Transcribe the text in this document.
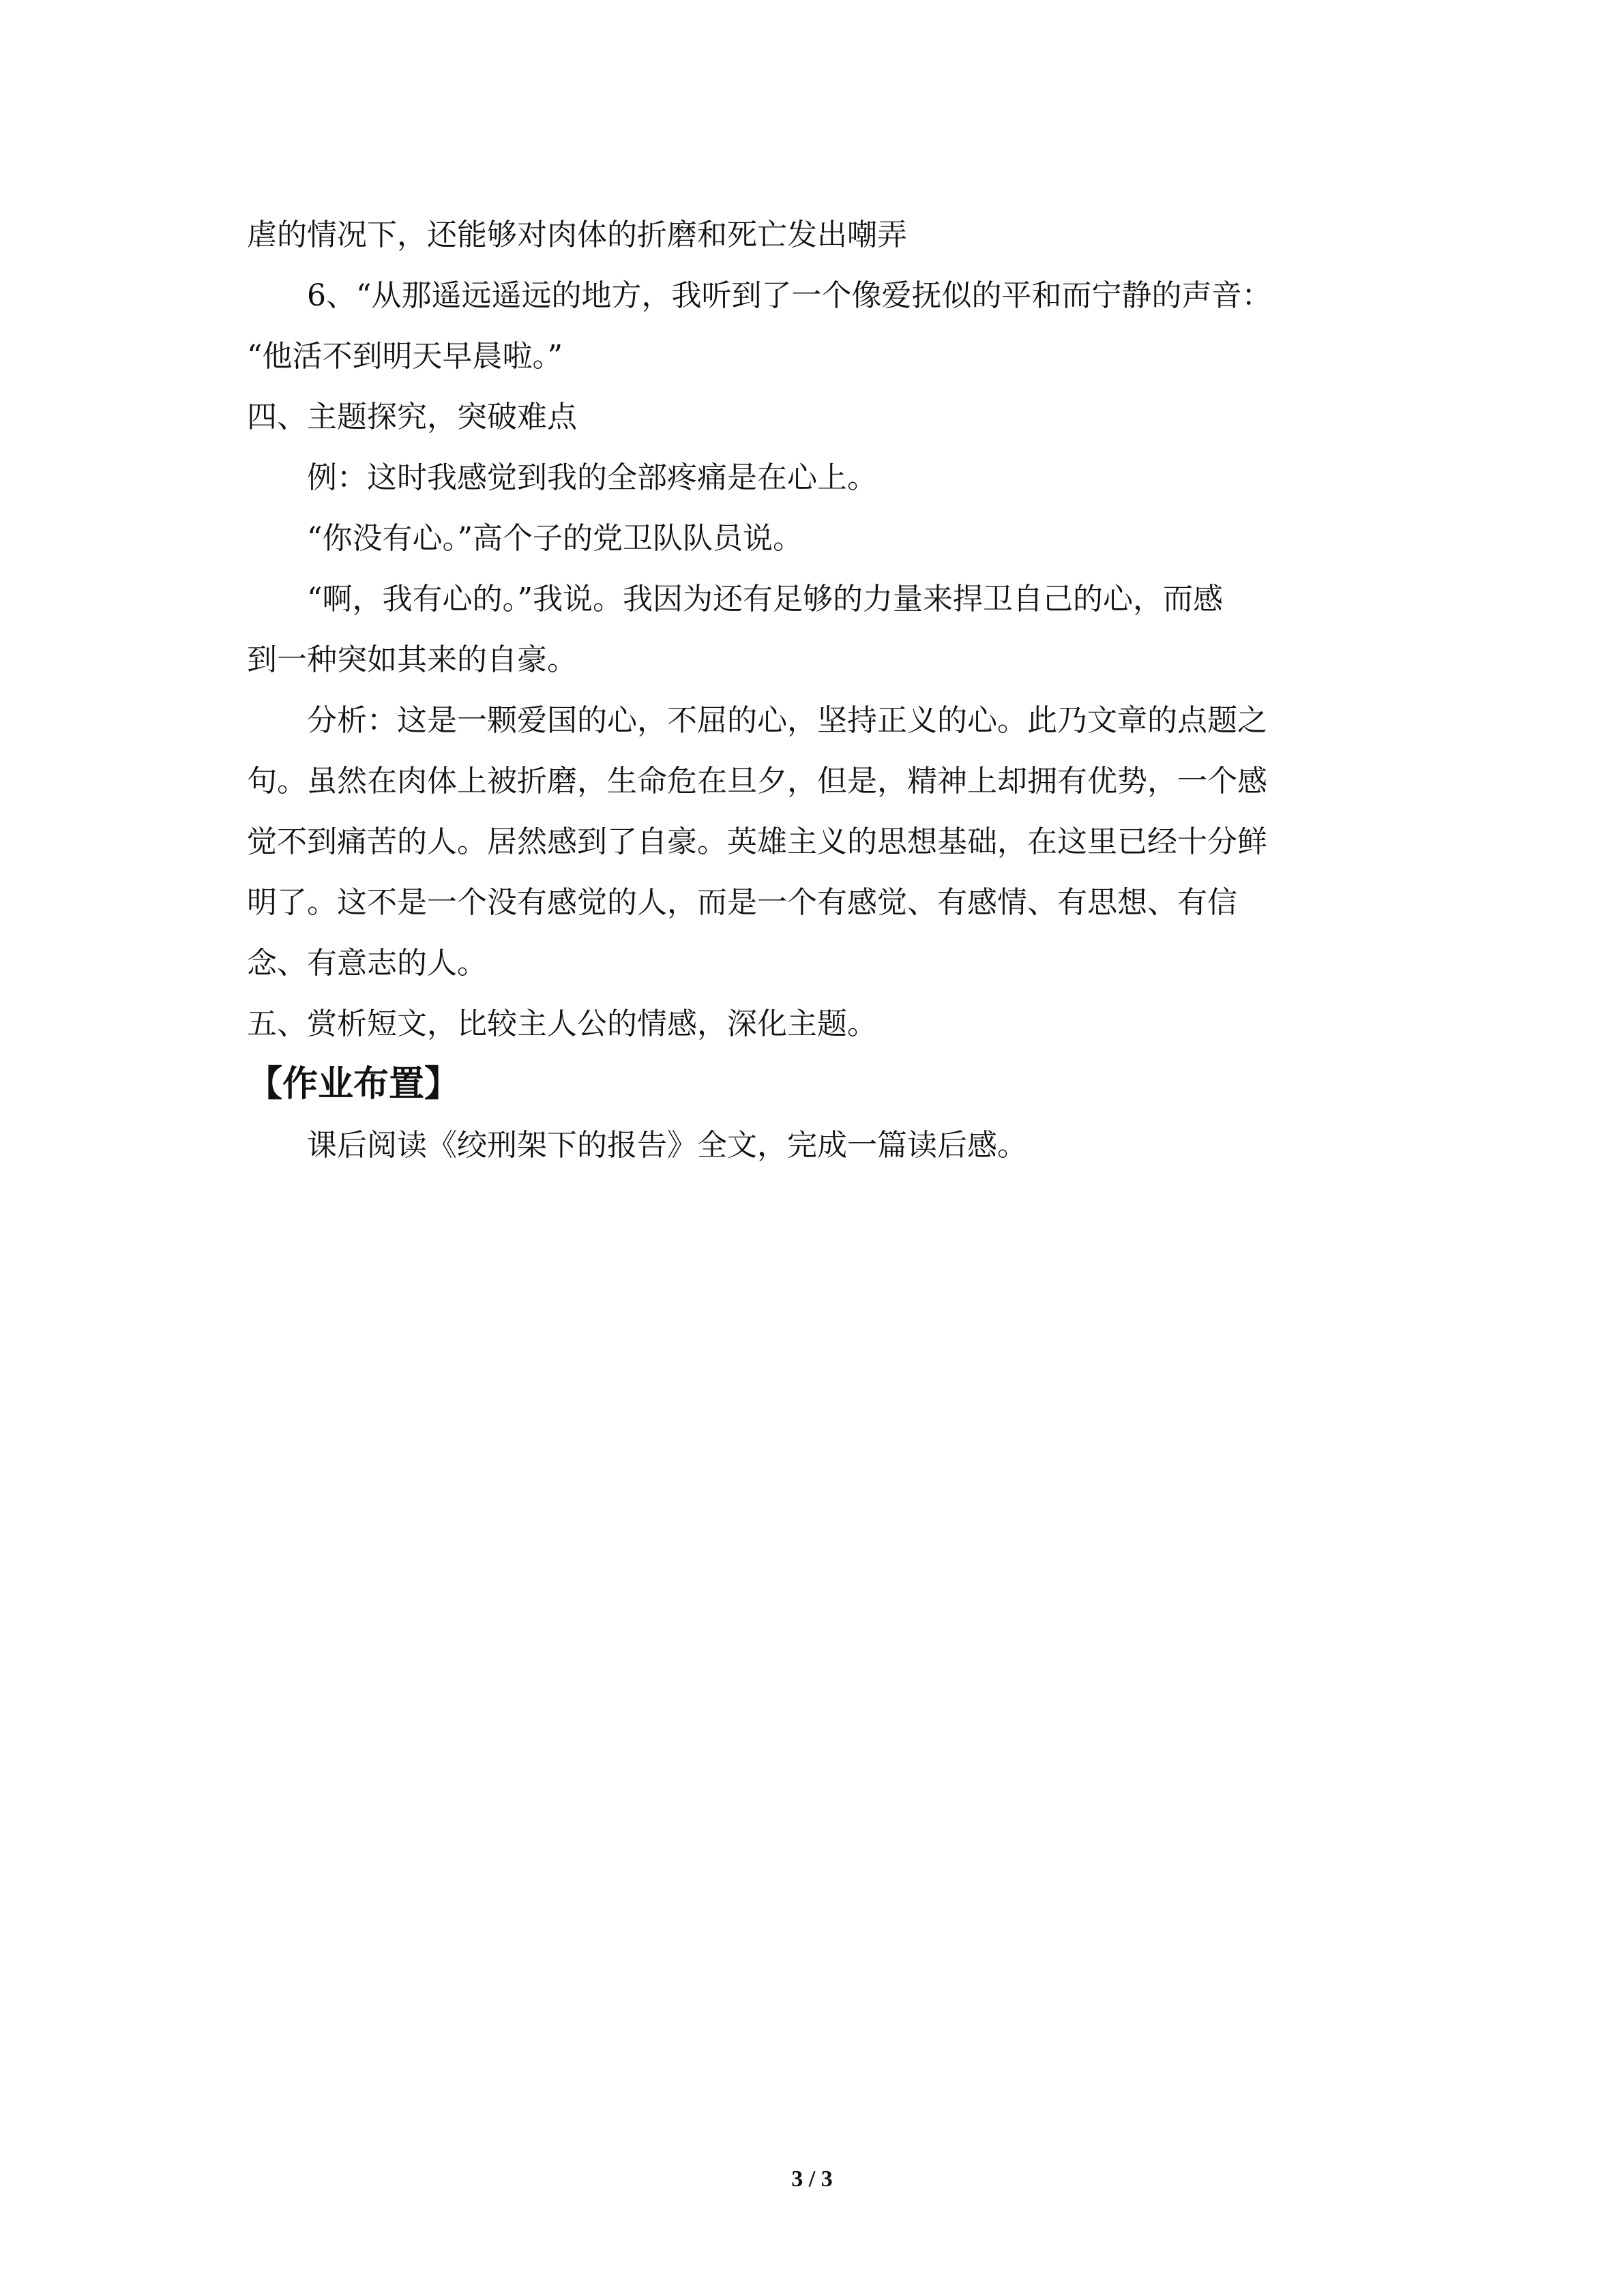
虐的情况下，还能够对肉体的折磨和死亡发出嘲弄

6、“从那遥远遥远的地方，我听到了一个像爱抚似的平和而宁静的声音：

“他活不到明天早晨啦。”

四、主题探究，突破难点

例：这时我感觉到我的全部疼痛是在心上。

“你没有心。”高个子的党卫队队员说。

“啊，我有心的。”我说。我因为还有足够的力量来捍卫自己的心，而感

到一种突如其来的自豪。

分析：这是一颗爱国的心，不屈的心，坚持正义的心。此乃文章的点题之

句。虽然在肉体上被折磨，生命危在旦夕，但是，精神上却拥有优势，一个感

觉不到痛苦的人。居然感到了自豪。英雄主义的思想基础，在这里已经十分鲜

明了。这不是一个没有感觉的人，而是一个有感觉、有感情、有思想、有信

念、有意志的人。

五、赏析短文，比较主人公的情感，深化主题。

【作业布置】

课后阅读《绞刑架下的报告》全文，完成一篇读后感。

3 / 3
